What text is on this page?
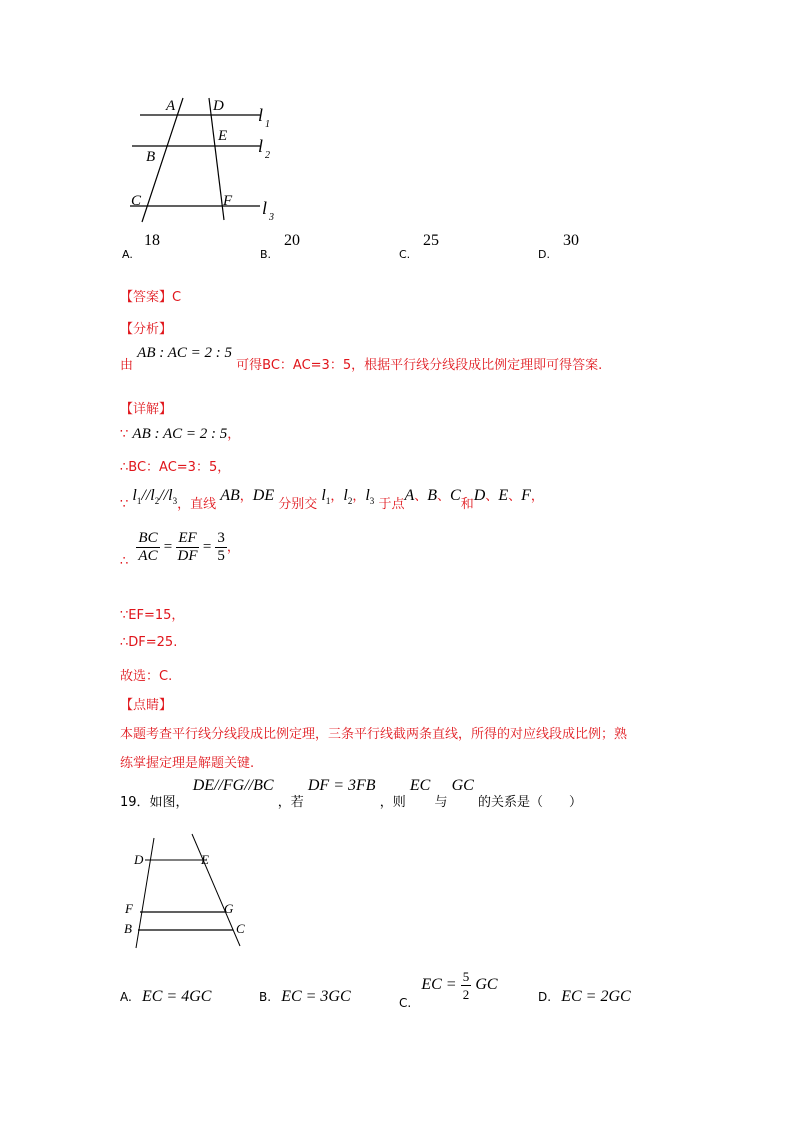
A	D l 1
E
B
l 2
C	F l 3
A.
18
B.
20
C.
25
D.
30
【答案】C
【分析】
由 AB : AC = 2 : 5 可得BC：AC=3：5，根据平行线分线段成比例定理即可得答案.
【详解】
∵ AB : AC = 2 : 5，
∴BC：AC=3：5，
∵ $l_1//l_2//l_3$，直线 AB，DE 分别交 $l_1$，$l_2$，$l_3$ 于点A、B、C和D、E、F，
∴ $\frac{BC}{AC} = \frac{EF}{DF} = \frac{3}{5}$ ，
∵EF=15，
∴DF=25.
故选：C.
【点睛】
本题考查平行线分线段成比例定理，三条平行线截两条直线，所得的对应线段成比例；熟
练掌握定理是解题关键.
19．如图， DE//FG//BC ，若 DF = 3FB ，则 EC 与 GC 的关系是（　　）
D	E
F	G
B	C
A. EC = 4GC	B. EC = 3GC	C. EC = $\frac{5}{2}$ GC
D. EC = 2GC
